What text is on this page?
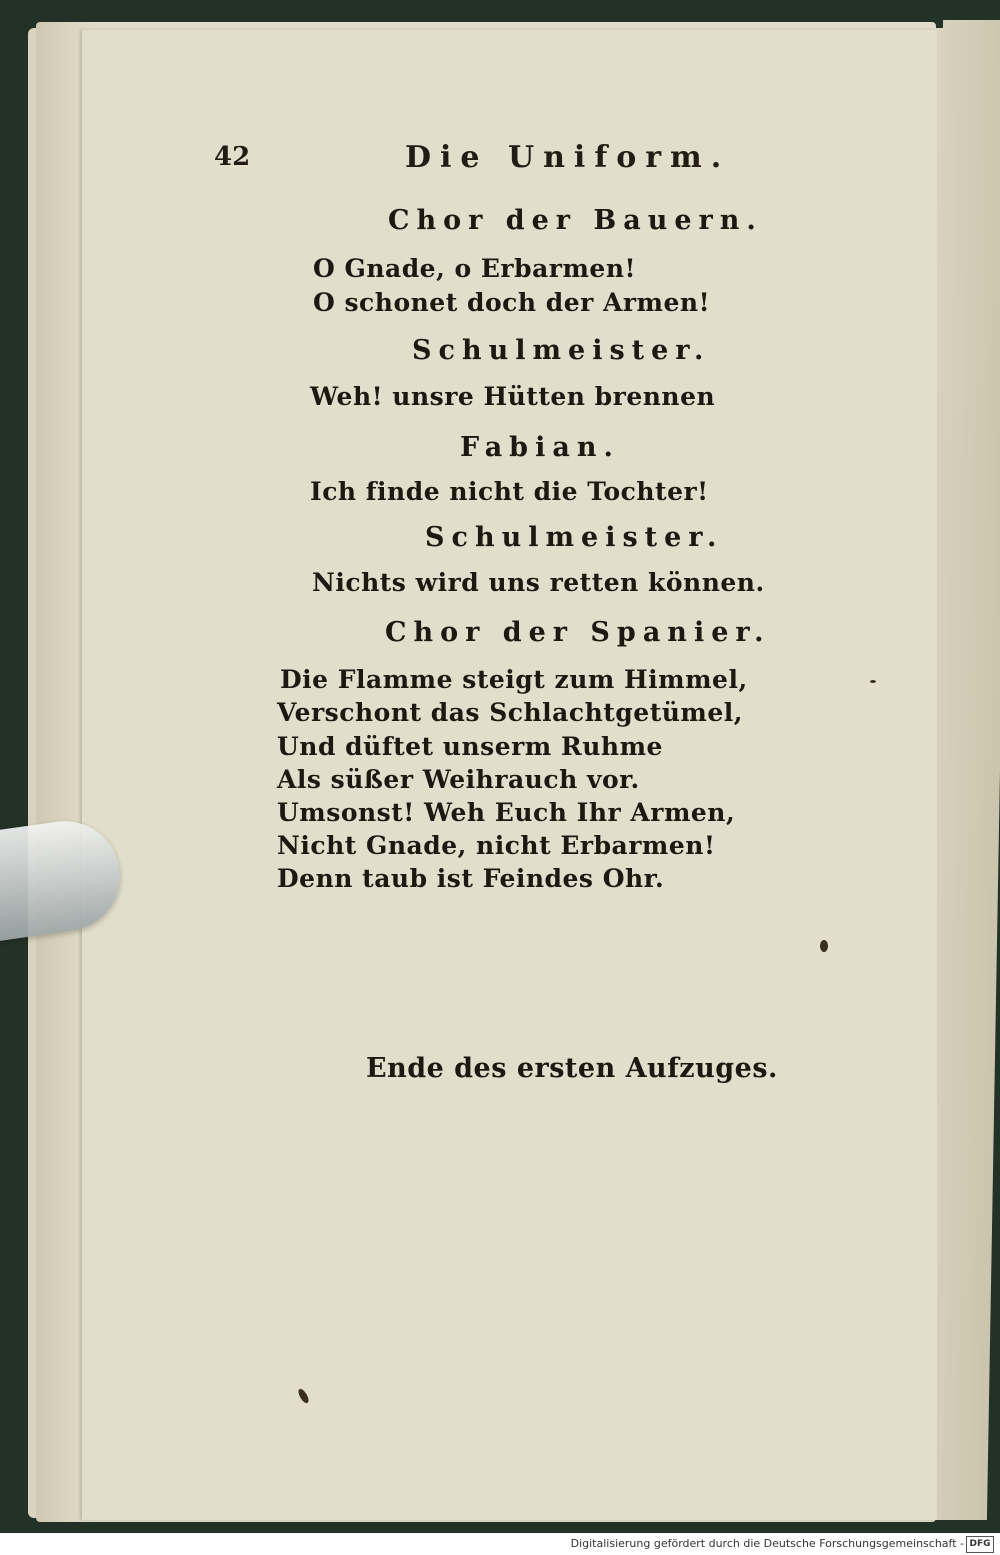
42	Die Uniform.
Chor der Bauern.
O Gnade, o Erbarmen!
O schonet doch der Armen!
Schulmeister.
Weh! unsre Hütten brennen
Fabian.
Ich finde nicht die Tochter!
Schulmeister.
Nichts wird uns retten können.
Chor der Spanier.
Die Flamme steigt zum Himmel,
Verschont das Schlachtgetümel,
Und düftet unserm Ruhme
Als süßer Weihrauch vor.
Umsonst! Weh Euch Ihr Armen,
Nicht Gnade, nicht Erbarmen!
Denn taub ist Feindes Ohr.
Ende des ersten Aufzuges.
Digitalisierung gefördert durch die Deutsche Forschungsgemeinschaft - DFG
